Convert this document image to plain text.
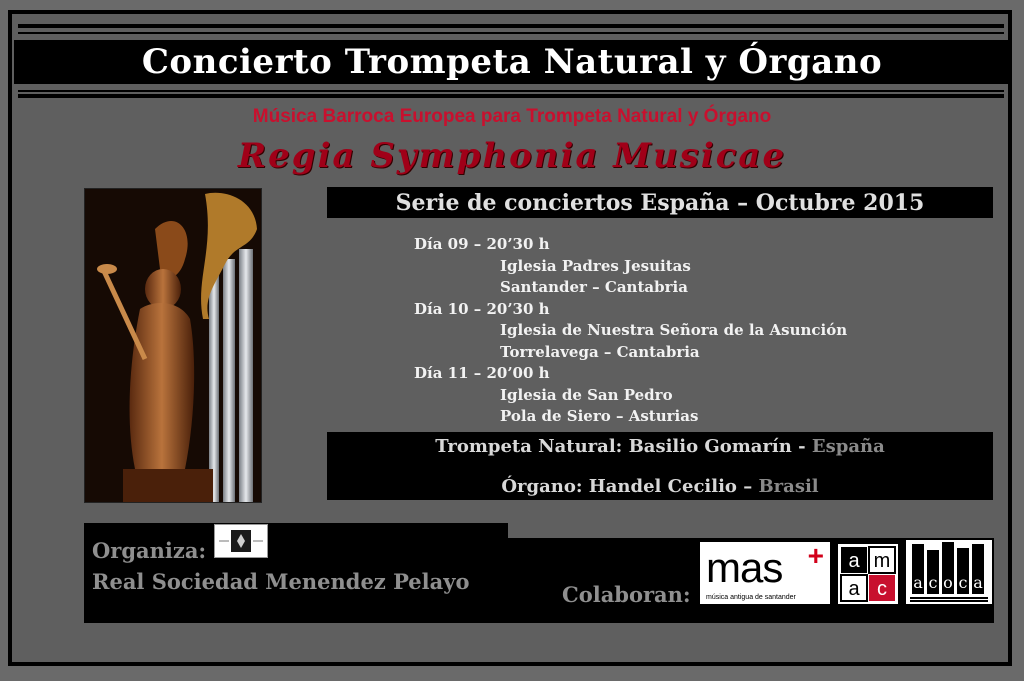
Concierto Trompeta Natural y Órgano
Música Barroca Europea para Trompeta Natural y Órgano
Regia Symphonia Musicae
Serie de conciertos España – Octubre 2015
Día 09 – 20’30 h
Iglesia Padres Jesuitas
Santander – Cantabria
Día 10 – 20’30 h
Iglesia de Nuestra Señora de la Asunción
Torrelavega – Cantabria
Día 11 – 20’00 h
Iglesia de San Pedro
Pola de Siero – Asturias
Trompeta Natural: Basilio Gomarín - España
Órgano: Handel Cecilio – Brasil
Organiza:
Real Sociedad Menendez Pelayo
Colaboran:
mas +
música antigua de santander
a m
a c a c o c a
